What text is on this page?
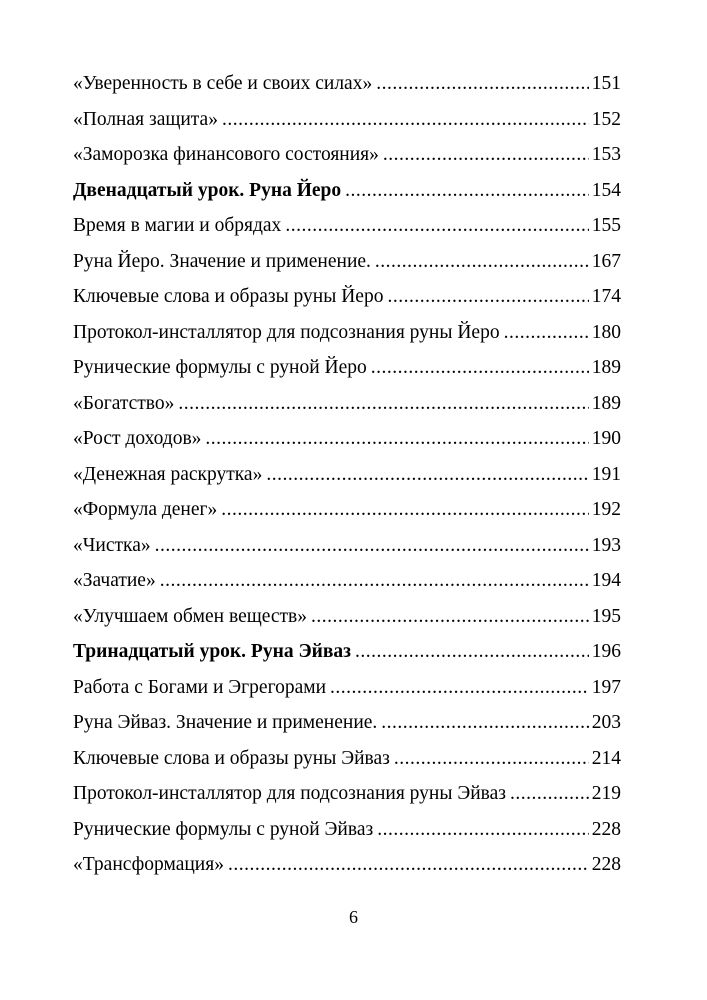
«Уверенность в себе и своих силах» .....	151
«Полная защита» .....	152
«Заморозка финансового состояния» .....	153
Двенадцатый урок. Руна Йеро .....	154
Время в магии и обрядах .....	155
Руна Йеро. Значение и применение. .....	167
Ключевые слова и образы руны Йеро .....	174
Протокол-инсталлятор для подсознания руны Йеро .....	180
Рунические формулы с руной Йеро .....	189
«Богатство» .....	189
«Рост доходов» .....	190
«Денежная раскрутка» .....	191
«Формула денег» .....	192
«Чистка» .....	193
«Зачатие» .....	194
«Улучшаем обмен веществ» .....	195
Тринадцатый урок. Руна Эйваз .....	196
Работа с Богами и Эгрегорами .....	197
Руна Эйваз. Значение и применение. .....	203
Ключевые слова и образы руны Эйваз .....	214
Протокол-инсталлятор для подсознания руны Эйваз .....	219
Рунические формулы с руной Эйваз .....	228
«Трансформация» .....	228
6
